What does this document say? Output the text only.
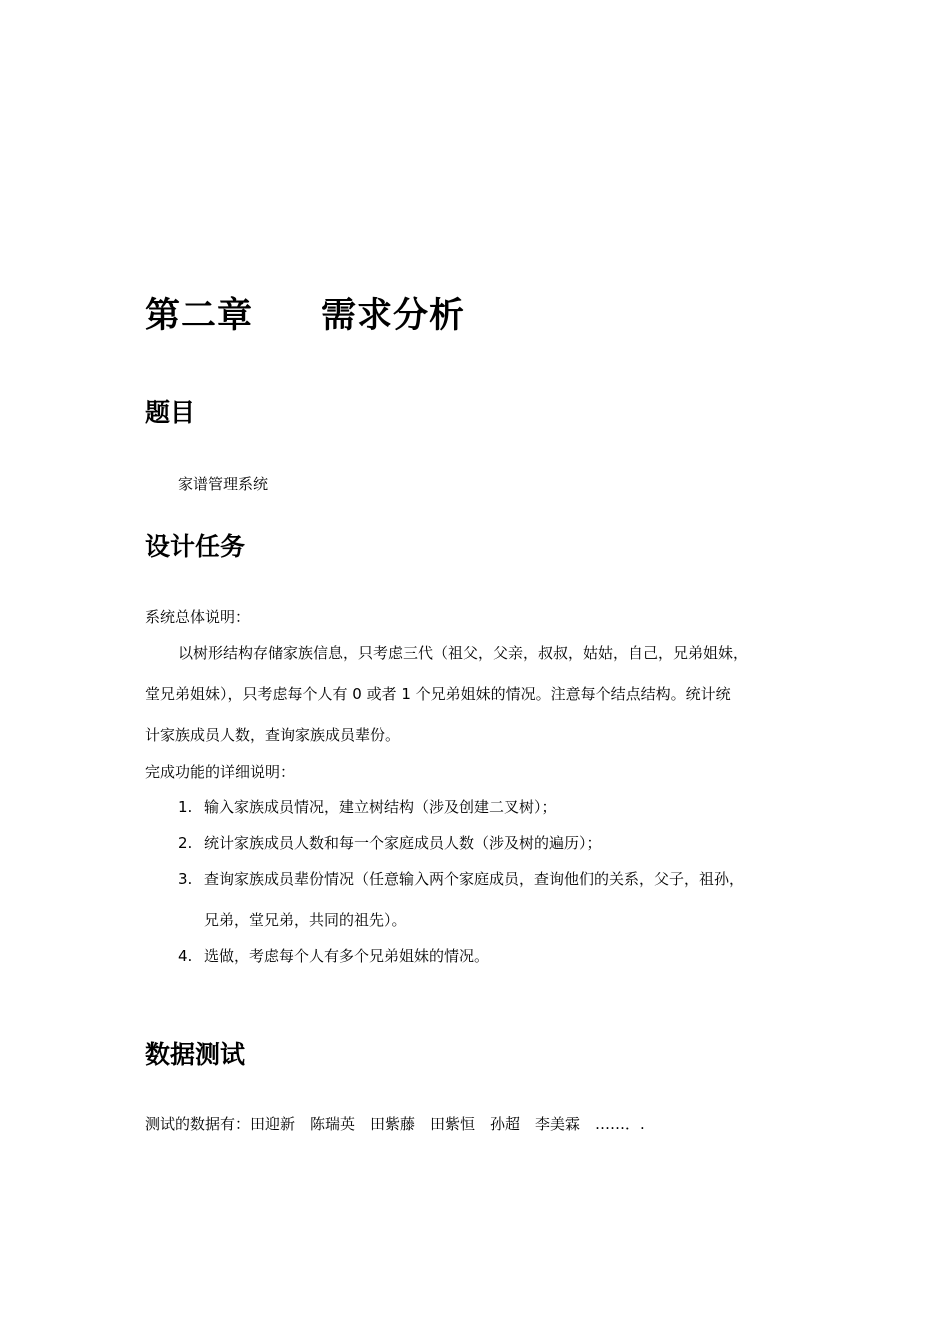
第二章 需求分析
题目
家谱管理系统
设计任务
系统总体说明：
以树形结构存储家族信息，只考虑三代（祖父，父亲，叔叔，姑姑，自己，兄弟姐妹，
堂兄弟姐妹），只考虑每个人有 0 或者 1 个兄弟姐妹的情况。注意每个结点结构。统计统
计家族成员人数，查询家族成员辈份。
完成功能的详细说明：
1. 输入家族成员情况，建立树结构（涉及创建二叉树）；
2. 统计家族成员人数和每一个家庭成员人数（涉及树的遍历）；
3. 查询家族成员辈份情况（任意输入两个家庭成员，查询他们的关系，父子，祖孙，
兄弟，堂兄弟，共同的祖先）。
4. 选做，考虑每个人有多个兄弟姐妹的情况。
数据测试
测试的数据有：田迎新　陈瑞英　田紫藤　田紫恒　孙超　李美霖　……．.
